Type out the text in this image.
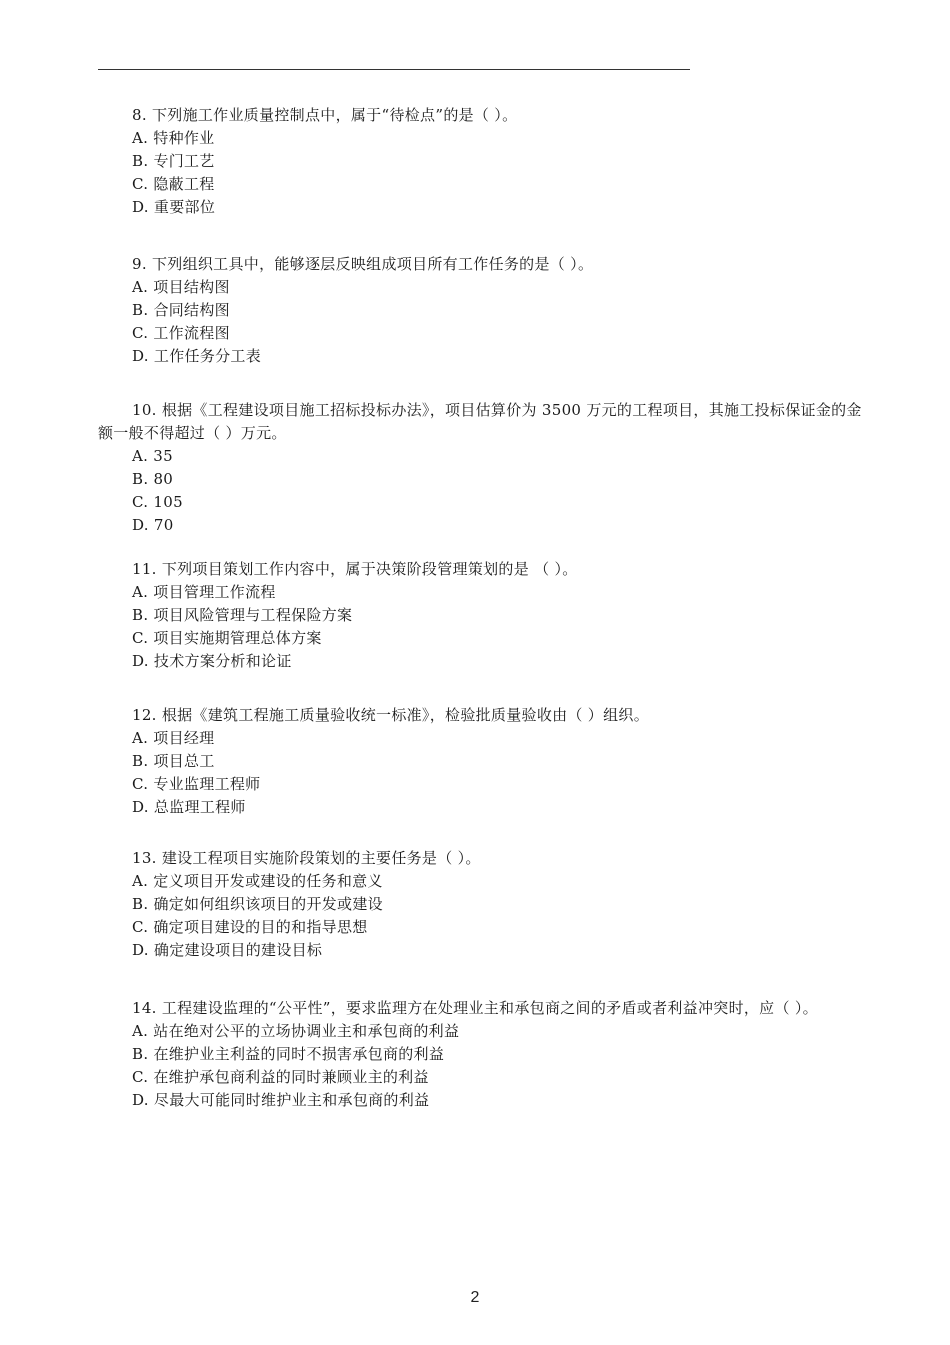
8. 下列施工作业质量控制点中，属于“待检点”的是（ ）。
A. 特种作业
B. 专门工艺
C. 隐蔽工程
D. 重要部位
9. 下列组织工具中，能够逐层反映组成项目所有工作任务的是（ ）。
A. 项目结构图
B. 合同结构图
C. 工作流程图
D. 工作任务分工表
10. 根据《工程建设项目施工招标投标办法》，项目估算价为 3500 万元的工程项目，其施工投标保证金的金额一般不得超过（ ）万元。
A. 35
B. 80
C. 105
D. 70
11. 下列项目策划工作内容中，属于决策阶段管理策划的是 （ ）。
A. 项目管理工作流程
B. 项目风险管理与工程保险方案
C. 项目实施期管理总体方案
D. 技术方案分析和论证
12. 根据《建筑工程施工质量验收统一标准》，检验批质量验收由（ ）组织。
A. 项目经理
B. 项目总工
C. 专业监理工程师
D. 总监理工程师
13. 建设工程项目实施阶段策划的主要任务是（ ）。
A. 定义项目开发或建设的任务和意义
B. 确定如何组织该项目的开发或建设
C. 确定项目建设的目的和指导思想
D. 确定建设项目的建设目标
14. 工程建设监理的“公平性”，要求监理方在处理业主和承包商之间的矛盾或者利益冲突时，应（ ）。
A. 站在绝对公平的立场协调业主和承包商的利益
B. 在维护业主利益的同时不损害承包商的利益
C. 在维护承包商利益的同时兼顾业主的利益
D. 尽最大可能同时维护业主和承包商的利益
2
